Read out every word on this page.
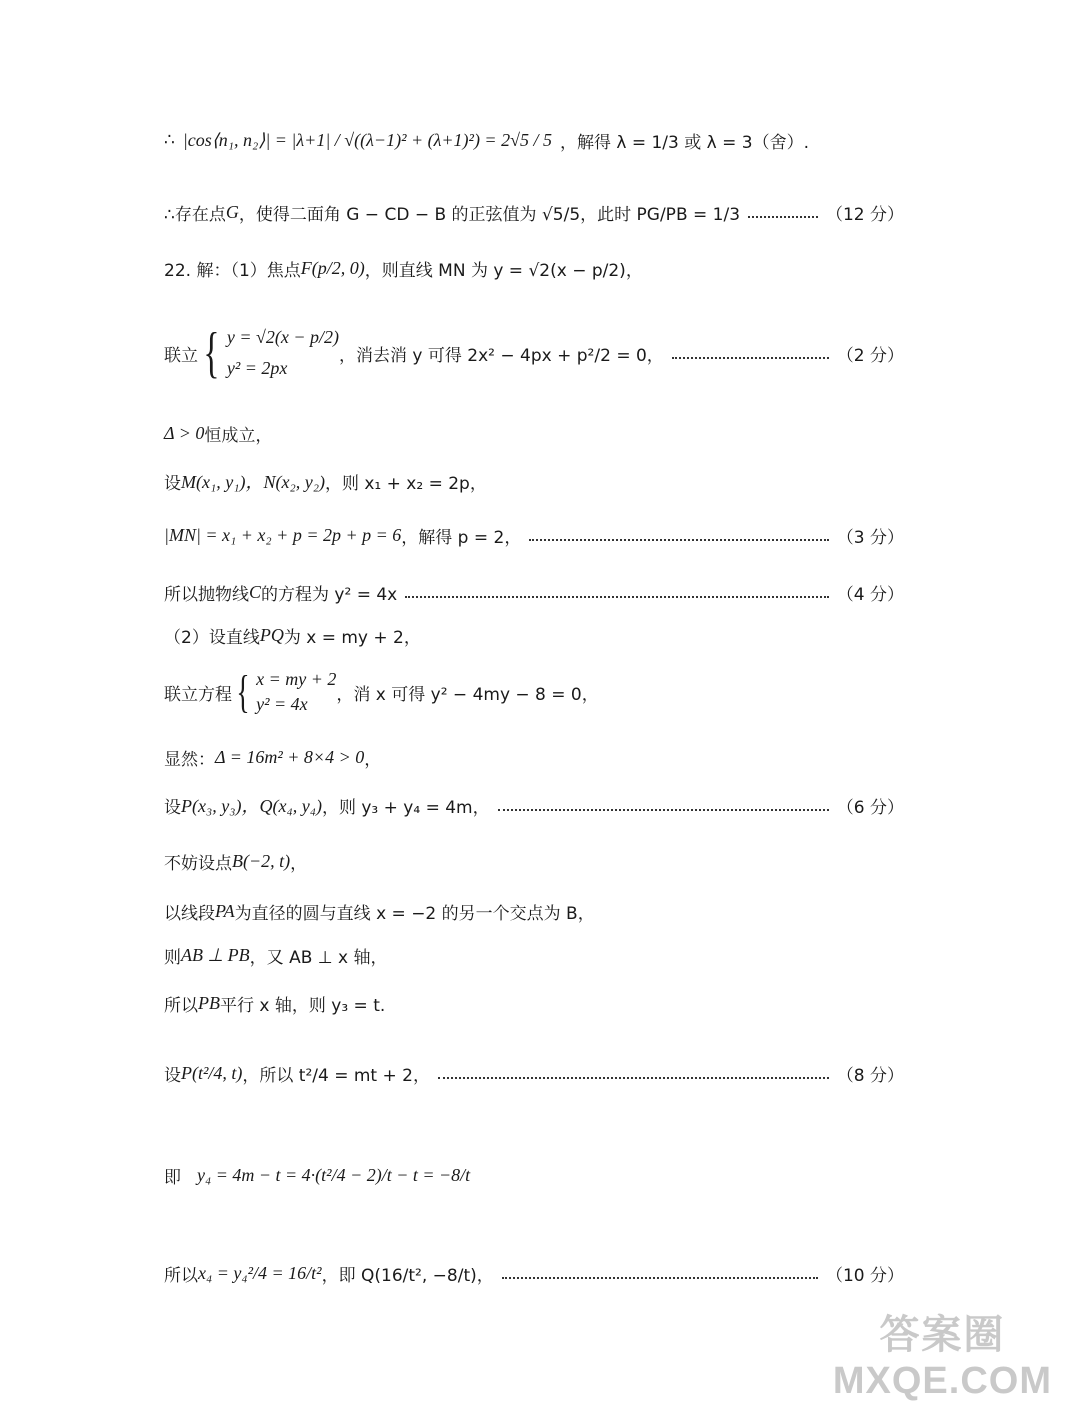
∴ |cos⟨n₁, n₂⟩| = |λ+1| / √((λ−1)² + (λ+1)²) = 2√5 / 5 ，解得 λ = 1/3 或 λ = 3（舍）.
∴存在点 G ，使得二面角 G − CD − B 的正弦值为 √5/5，此时 PG/PB = 1/3	（12 分）
22. 解：（1）焦点 F(p/2, 0) ，则直线 MN 为 y = √2(x − p/2)，
联立 { y = √2(x − p/2)
y² = 2px
，消去消 y 可得 2x² − 4px + p²/2 = 0，	（2 分）
Δ > 0 恒成立，
设 M(x₁, y₁)，N(x₂, y₂) ，则 x₁ + x₂ = 2p，
|MN| = x₁ + x₂ + p = 2p + p = 6 ，解得 p = 2，	（3 分）
所以抛物线 C 的方程为 y² = 4x	（4 分）
（2）设直线 PQ 为 x = my + 2，
联立方程 { x = my + 2
y² = 4x	，消 x 可得 y² − 4my − 8 = 0，
显然： Δ = 16m² + 8×4 > 0 ，
设 P(x₃, y₃)，Q(x₄, y₄) ，则 y₃ + y₄ = 4m，	（6 分）
不妨设点 B(−2, t) ，
以线段 PA 为直径的圆与直线 x = −2 的另一个交点为 B，
则 AB ⊥ PB ，又 AB ⊥ x 轴，
所以 PB 平行 x 轴，则 y₃ = t.
设 P(t²/4, t) ，所以 t²/4 = mt + 2，	（8 分）
即 y₄ = 4m − t = 4·(t²/4 − 2)/t − t = −8/t
所以 x₄ = y₄²/4 = 16/t² ，即 Q(16/t², −8/t)，	（10 分）
答案圈
MXQE.COM
